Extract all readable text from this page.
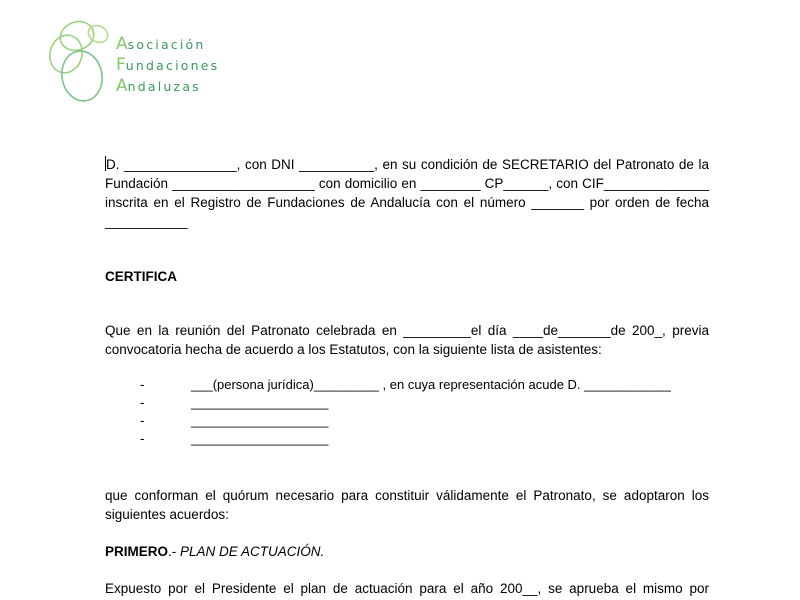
Asociación
Fundaciones
Andaluzas
D. _______________, con DNI __________, en su condición de SECRETARIO del Patronato de la
Fundación ___________________ con domicilio en ________ CP______, con CIF______________
inscrita en el Registro de Fundaciones de Andalucía con el número _______ por orden de fecha
___________
CERTIFICA
Que en la reunión del Patronato celebrada en _________el día ____de_______de 200_, previa
convocatoria hecha de acuerdo a los Estatutos, con la siguiente lista de asistentes:
-	___(persona jurídica)_________ , en cuya representación acude D. ____________
-	___________________
-	___________________
-	___________________
que conforman el quórum necesario para constituir válidamente el Patronato, se adoptaron los
siguientes acuerdos:
PRIMERO.- PLAN DE ACTUACIÓN.
Expuesto por el Presidente el plan de actuación para el año 200__, se aprueba el mismo por
